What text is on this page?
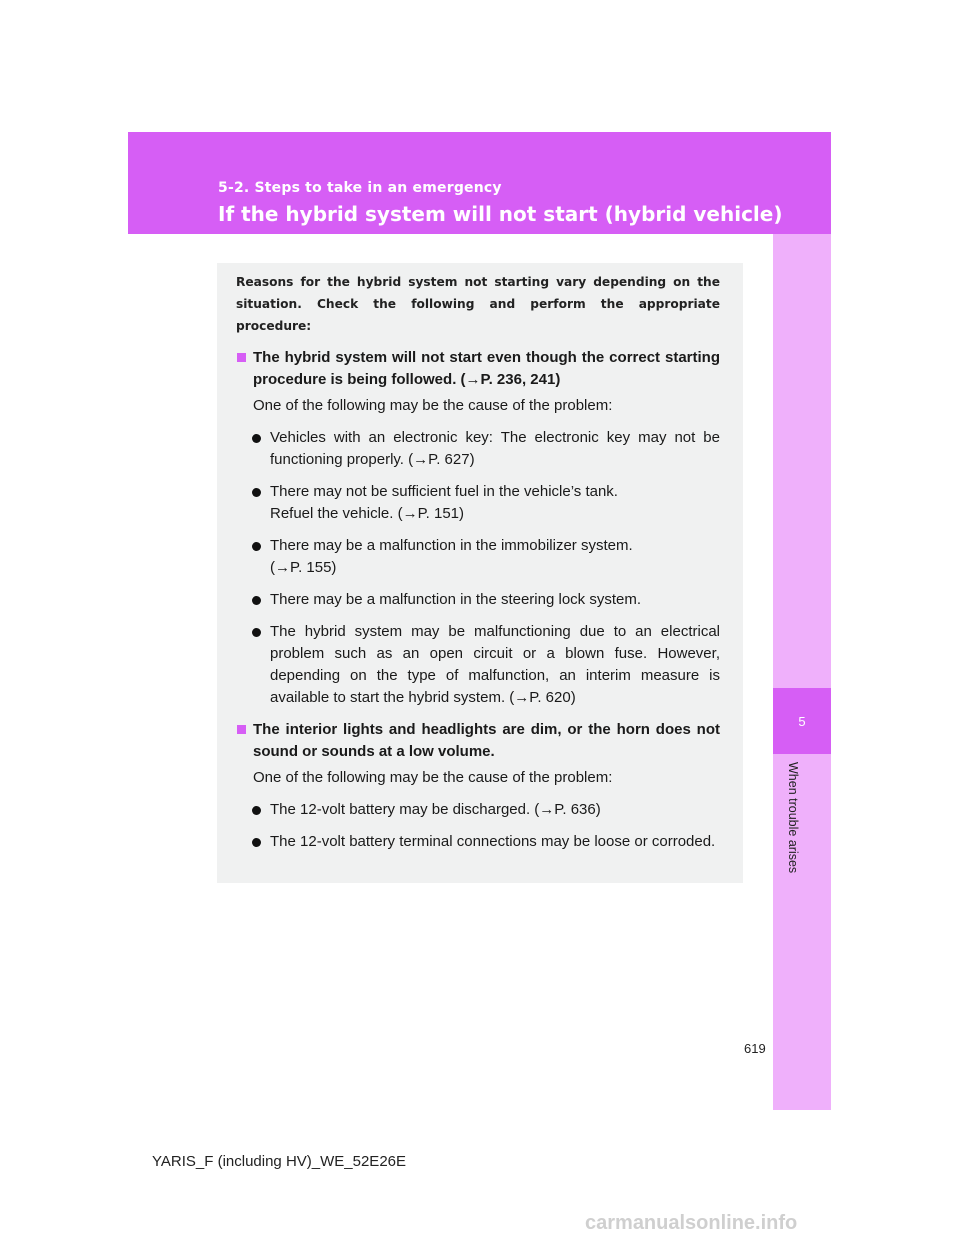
5-2. Steps to take in an emergency
If the hybrid system will not start (hybrid vehicle)
5
When trouble arises

Reasons for the hybrid system not starting vary depending on the situation. Check the following and perform the appropriate procedure:

The hybrid system will not start even though the correct starting procedure is being followed. (→P. 236, 241)
One of the following may be the cause of the problem:
Vehicles with an electronic key: The electronic key may not be functioning properly. (→P. 627)
There may not be sufficient fuel in the vehicle’s tank.
Refuel the vehicle. (→P. 151)
There may be a malfunction in the immobilizer system.
(→P. 155)
There may be a malfunction in the steering lock system.
The hybrid system may be malfunctioning due to an electrical problem such as an open circuit or a blown fuse. However, depending on the type of malfunction, an interim measure is available to start the hybrid system. (→P. 620)
The interior lights and headlights are dim, or the horn does not sound or sounds at a low volume.
One of the following may be the cause of the problem:
The 12-volt battery may be discharged. (→P. 636)
The 12-volt battery terminal connections may be loose or corroded.
619
YARIS_F (including HV)_WE_52E26E
carmanualsonline.info
